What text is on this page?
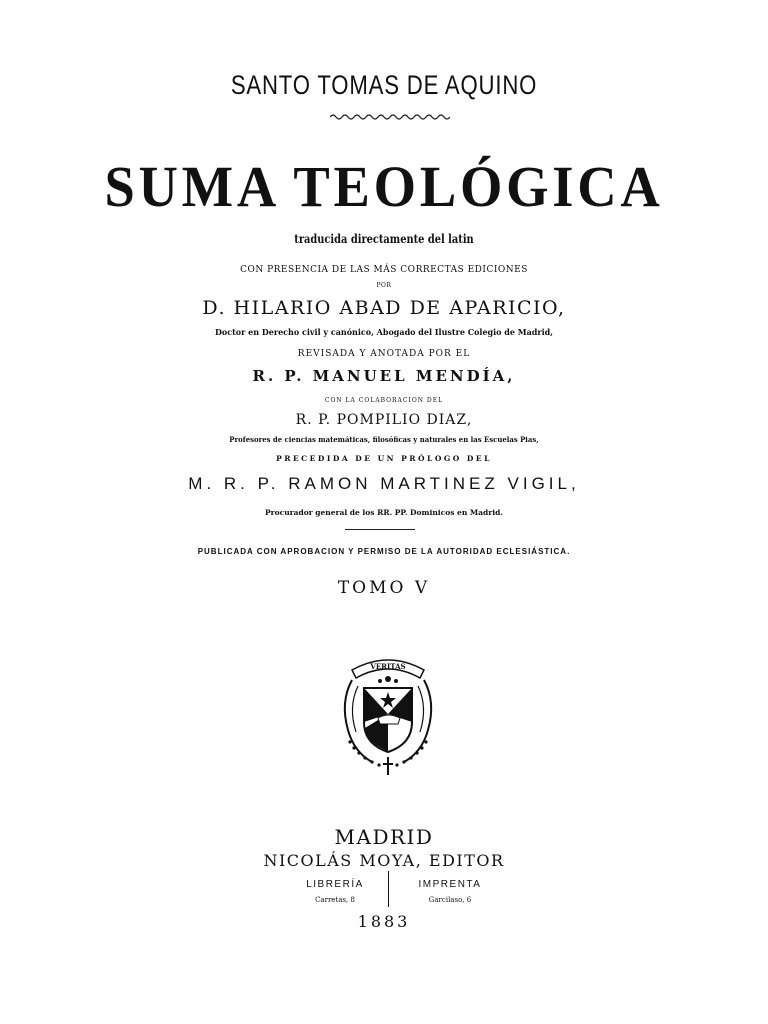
SANTO TOMAS DE AQUINO
SUMA TEOLÓGICA
traducida directamente del latin
CON PRESENCIA DE LAS MÁS CORRECTAS EDICIONES
POR
D. HILARIO ABAD DE APARICIO,
Doctor en Derecho civil y canónico, Abogado del Ilustre Colegio de Madrid,
REVISADA Y ANOTADA POR EL
R. P. MANUEL MENDÍA,
CON LA COLABORACION DEL
R. P. POMPILIO DIAZ,
Profesores de ciencias matemáticas, filosóficas y naturales en las Escuelas Pias,
PRECEDIDA DE UN PRÓLOGO DEL
M. R. P. RAMON MARTINEZ VIGIL,
Procurador general de los RR. PP. Dominicos en Madrid.
PUBLICADA CON APROBACION Y PERMISO DE LA AUTORIDAD ECLESIÁSTICA.
TOMO V
VERITAS
MADRID
NICOLÁS MOYA, EDITOR
LIBRERÍA
Carretas, 8
IMPRENTA
Garcilaso, 6
1883
